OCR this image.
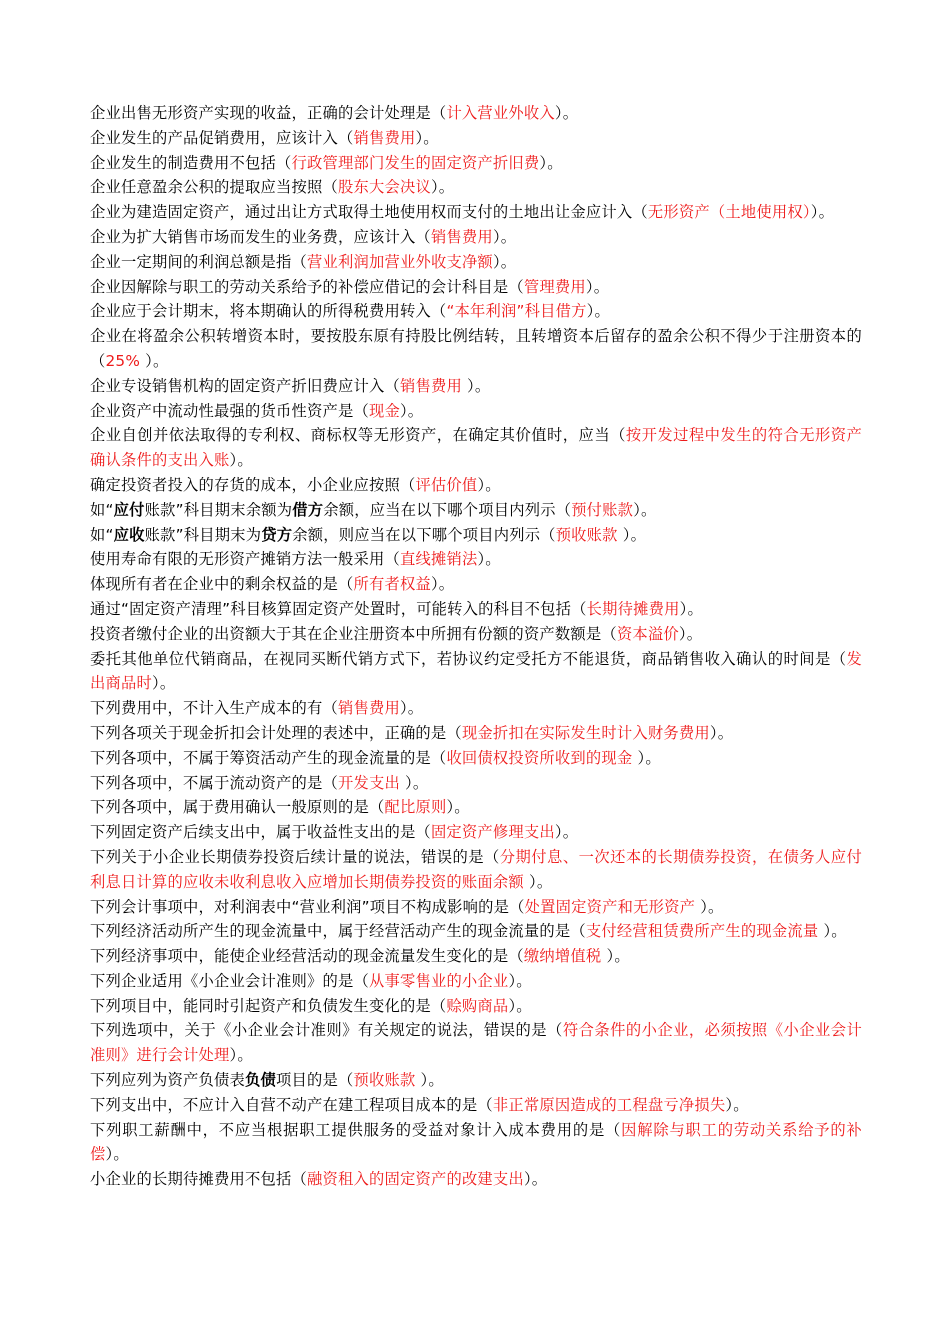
企业出售无形资产实现的收益，正确的会计处理是（计入营业外收入）。

企业发生的产品促销费用，应该计入（销售费用）。

企业发生的制造费用不包括（行政管理部门发生的固定资产折旧费）。

企业任意盈余公积的提取应当按照（股东大会决议）。

企业为建造固定资产，通过出让方式取得土地使用权而支付的土地出让金应计入（无形资产（土地使用权））。

企业为扩大销售市场而发生的业务费，应该计入（销售费用）。

企业一定期间的利润总额是指（营业利润加营业外收支净额）。

企业因解除与职工的劳动关系给予的补偿应借记的会计科目是（管理费用）。

企业应于会计期末，将本期确认的所得税费用转入（“本年利润”科目借方）。

企业在将盈余公积转增资本时，要按股东原有持股比例结转，且转增资本后留存的盈余公积不得少于注册资本的（25% ）。

企业专设销售机构的固定资产折旧费应计入（销售费用 ）。

企业资产中流动性最强的货币性资产是（现金）。

企业自创并依法取得的专利权、商标权等无形资产，在确定其价值时，应当（按开发过程中发生的符合无形资产确认条件的支出入账）。

确定投资者投入的存货的成本，小企业应按照（评估价值）。

如“应付账款”科目期末余额为借方余额，应当在以下哪个项目内列示（预付账款）。

如“应收账款”科目期末为贷方余额，则应当在以下哪个项目内列示（预收账款 ）。

使用寿命有限的无形资产摊销方法一般采用（直线摊销法）。

体现所有者在企业中的剩余权益的是（所有者权益）。

通过“固定资产清理”科目核算固定资产处置时，可能转入的科目不包括（长期待摊费用）。

投资者缴付企业的出资额大于其在企业注册资本中所拥有份额的资产数额是（资本溢价）。

委托其他单位代销商品，在视同买断代销方式下，若协议约定受托方不能退货，商品销售收入确认的时间是（发出商品时）。

下列费用中，不计入生产成本的有（销售费用）。

下列各项关于现金折扣会计处理的表述中，正确的是（现金折扣在实际发生时计入财务费用）。

下列各项中，不属于筹资活动产生的现金流量的是（收回债权投资所收到的现金 ）。

下列各项中，不属于流动资产的是（开发支出 ）。

下列各项中，属于费用确认一般原则的是（配比原则）。

下列固定资产后续支出中，属于收益性支出的是（固定资产修理支出）。

下列关于小企业长期债券投资后续计量的说法，错误的是（分期付息、一次还本的长期债券投资，在债务人应付利息日计算的应收未收利息收入应增加长期债券投资的账面余额 ）。

下列会计事项中，对利润表中“营业利润”项目不构成影响的是（处置固定资产和无形资产 ）。

下列经济活动所产生的现金流量中，属于经营活动产生的现金流量的是（支付经营租赁费所产生的现金流量 ）。

下列经济事项中，能使企业经营活动的现金流量发生变化的是（缴纳增值税 ）。

下列企业适用《小企业会计准则》的是（从事零售业的小企业）。

下列项目中，能同时引起资产和负债发生变化的是（赊购商品）。

下列选项中，关于《小企业会计准则》有关规定的说法，错误的是（符合条件的小企业，必须按照《小企业会计准则》进行会计处理）。

下列应列为资产负债表负债项目的是（预收账款 ）。

下列支出中，不应计入自营不动产在建工程项目成本的是（非正常原因造成的工程盘亏净损失）。

下列职工薪酬中，不应当根据职工提供服务的受益对象计入成本费用的是（因解除与职工的劳动关系给予的补偿）。

小企业的长期待摊费用不包括（融资租入的固定资产的改建支出）。
